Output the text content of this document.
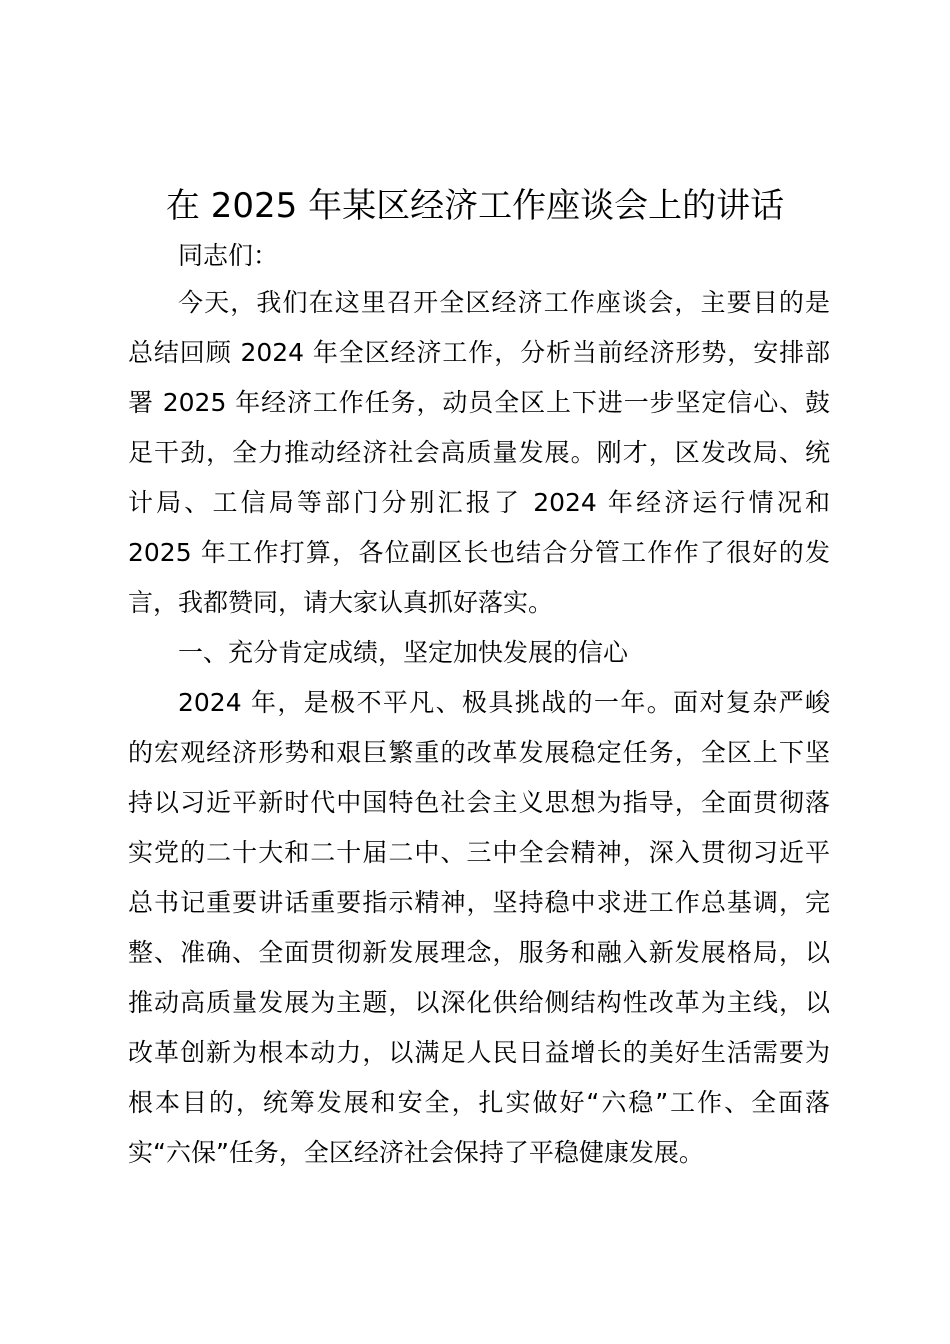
在 2025 年某区经济工作座谈会上的讲话
同志们：
今天，我们在这里召开全区经济工作座谈会，主要目的是
总结回顾 2024 年全区经济工作，分析当前经济形势，安排部
署 2025 年经济工作任务，动员全区上下进一步坚定信心、鼓
足干劲，全力推动经济社会高质量发展。刚才，区发改局、统
计局、工信局等部门分别汇报了 2024 年经济运行情况和
2025 年工作打算，各位副区长也结合分管工作作了很好的发
言，我都赞同，请大家认真抓好落实。
一、充分肯定成绩，坚定加快发展的信心
2024 年，是极不平凡、极具挑战的一年。面对复杂严峻
的宏观经济形势和艰巨繁重的改革发展稳定任务，全区上下坚
持以习近平新时代中国特色社会主义思想为指导，全面贯彻落
实党的二十大和二十届二中、三中全会精神，深入贯彻习近平
总书记重要讲话重要指示精神，坚持稳中求进工作总基调，完
整、准确、全面贯彻新发展理念，服务和融入新发展格局，以
推动高质量发展为主题，以深化供给侧结构性改革为主线，以
改革创新为根本动力，以满足人民日益增长的美好生活需要为
根本目的，统筹发展和安全，扎实做好“六稳”工作、全面落
实“六保”任务，全区经济社会保持了平稳健康发展。
